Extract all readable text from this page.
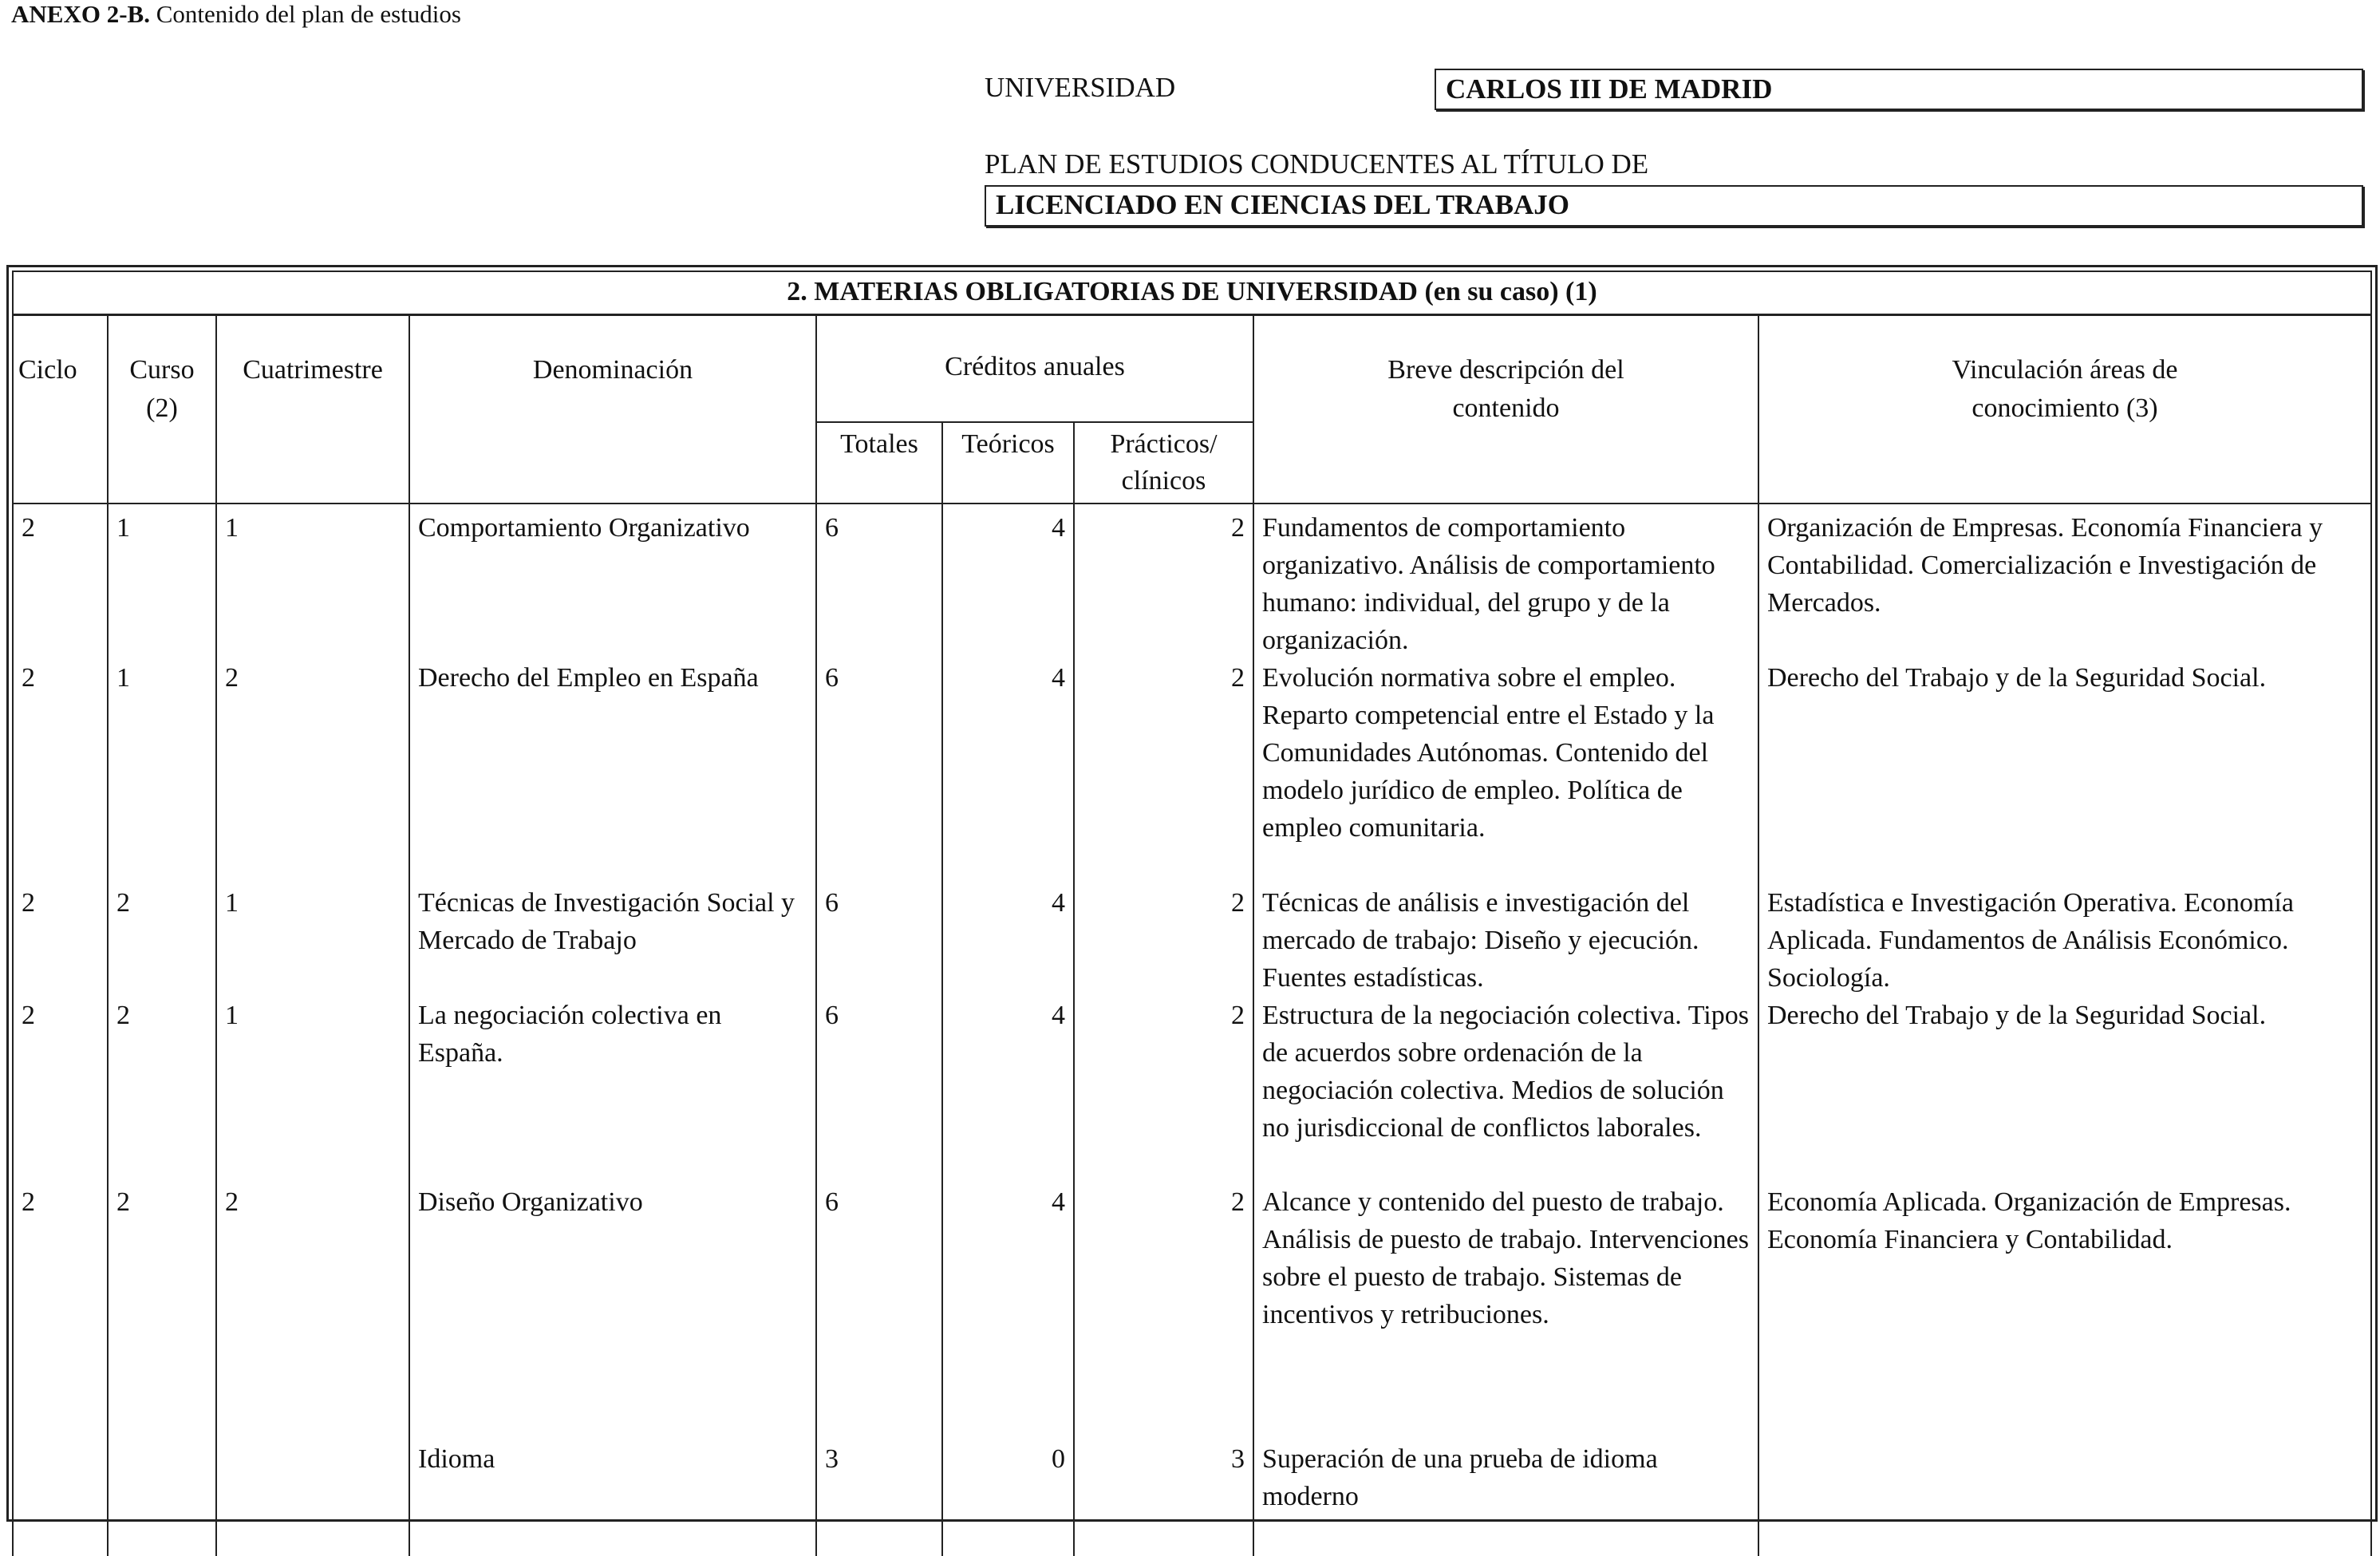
ANEXO 2-B. Contenido del plan de estudios
UNIVERSIDAD	CARLOS III DE MADRID
PLAN DE ESTUDIOS CONDUCENTES AL TÍTULO DE
LICENCIADO EN CIENCIAS DEL TRABAJO
2. MATERIAS OBLIGATORIAS DE UNIVERSIDAD (en su caso) (1)								
Ciclo	Curso (2)	Cuatrimestre	Denominación	Créditos anuales			Breve descripción del contenido	Vinculación áreas de conocimiento (3)
				Totales	Teóricos	Prácticos/ clínicos		
2	1	1	Comportamiento Organizativo	6	4	2	Fundamentos de comportamiento organizativo. Análisis de comportamiento humano: individual, del grupo y de la organización.	Organización de Empresas. Economía Financiera y Contabilidad. Comercialización e Investigación de Mercados.
2	1	2	Derecho del Empleo en España	6	4	2	Evolución normativa sobre el empleo. Reparto competencial entre el Estado y la Comunidades Autónomas. Contenido del modelo jurídico de empleo. Política de empleo comunitaria.	Derecho del Trabajo y de la Seguridad Social.
2	2	1	Técnicas de Investigación Social y Mercado de Trabajo	6	4	2	Técnicas de análisis e investigación del mercado de trabajo: Diseño y ejecución. Fuentes estadísticas.	Estadística e Investigación Operativa. Economía Aplicada. Fundamentos de Análisis Económico. Sociología.
2	2	1	La negociación colectiva en España.	6	4	2	Estructura de la negociación colectiva. Tipos de acuerdos sobre ordenación de la negociación colectiva. Medios de solución no jurisdiccional de conflictos laborales.	Derecho del Trabajo y de la Seguridad Social.
2	2	2	Diseño Organizativo	6	4	2	Alcance y contenido del puesto de trabajo. Análisis de puesto de trabajo. Intervenciones sobre el puesto de trabajo. Sistemas de incentivos y retribuciones.	Economía Aplicada. Organización de Empresas. Economía Financiera y Contabilidad.
			Idioma	3	0	3	Superación de una prueba de idioma moderno	
